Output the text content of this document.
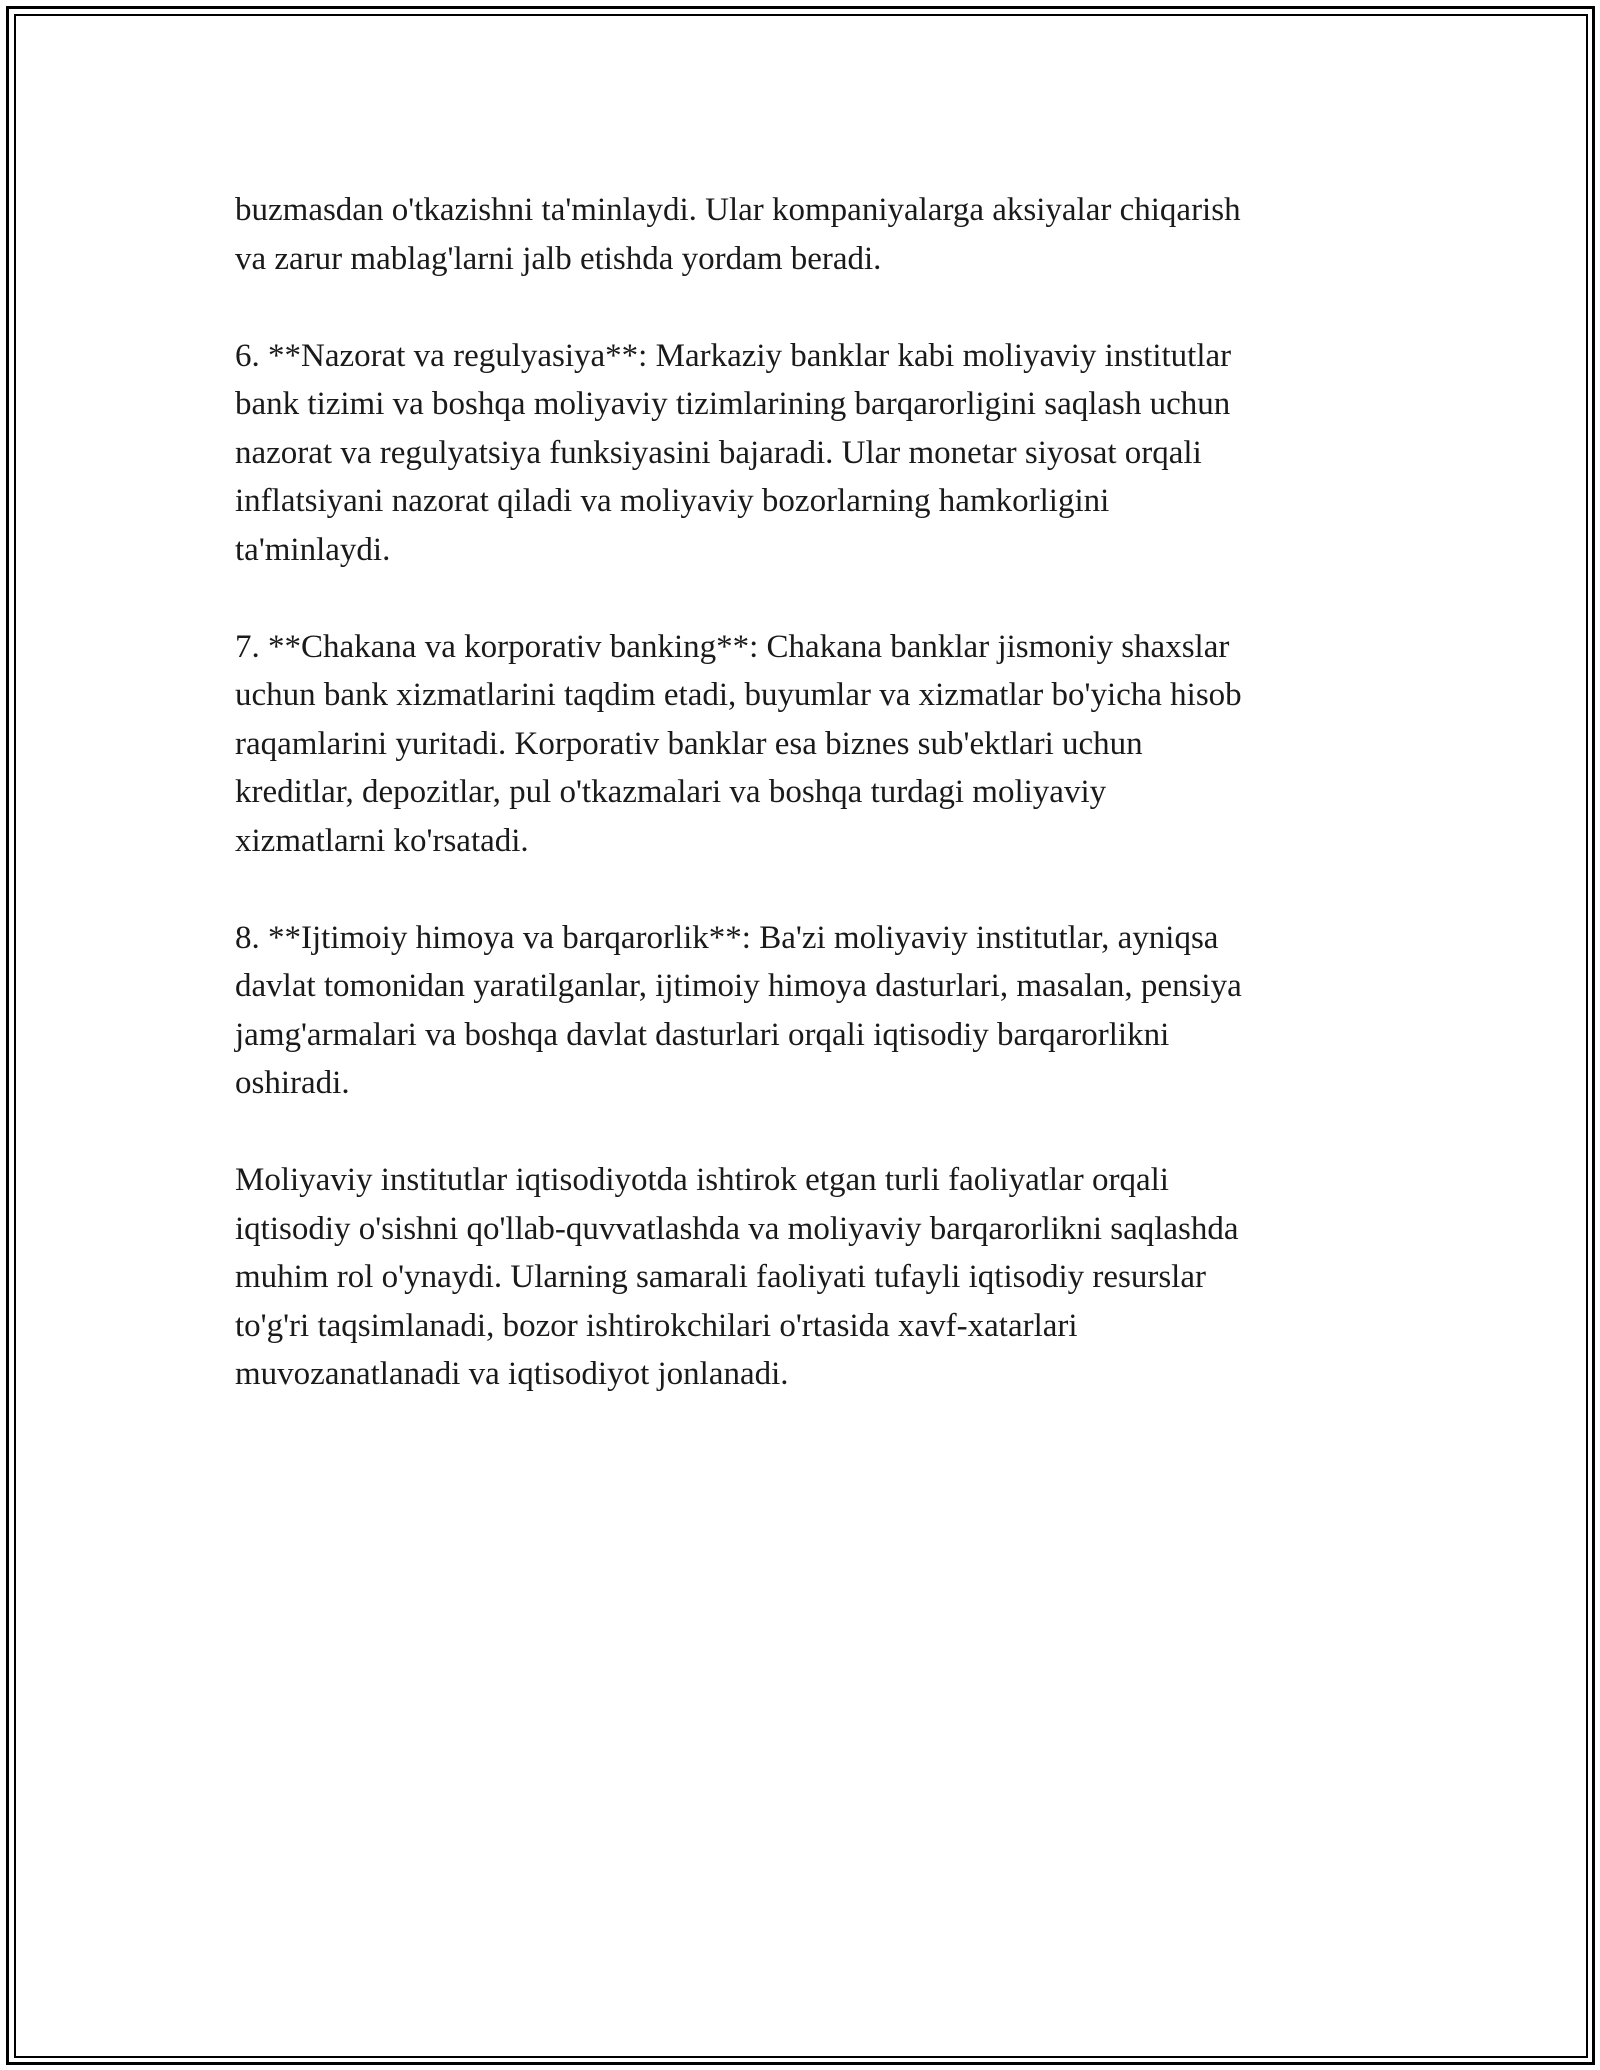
buzmasdan o'tkazishni ta'minlaydi. Ular kompaniyalarga aksiyalar chiqarish
va zarur mablag'larni jalb etishda yordam beradi.

6. **Nazorat va regulyasiya**: Markaziy banklar kabi moliyaviy institutlar
bank tizimi va boshqa moliyaviy tizimlarining barqarorligini saqlash uchun
nazorat va regulyatsiya funksiyasini bajaradi. Ular monetar siyosat orqali
inflatsiyani nazorat qiladi va moliyaviy bozorlarning hamkorligini
ta'minlaydi.

7. **Chakana va korporativ banking**: Chakana banklar jismoniy shaxslar
uchun bank xizmatlarini taqdim etadi, buyumlar va xizmatlar bo'yicha hisob
raqamlarini yuritadi. Korporativ banklar esa biznes sub'ektlari uchun
kreditlar, depozitlar, pul o'tkazmalari va boshqa turdagi moliyaviy
xizmatlarni ko'rsatadi.

8. **Ijtimoiy himoya va barqarorlik**: Ba'zi moliyaviy institutlar, ayniqsa
davlat tomonidan yaratilganlar, ijtimoiy himoya dasturlari, masalan, pensiya
jamg'armalari va boshqa davlat dasturlari orqali iqtisodiy barqarorlikni
oshiradi.

Moliyaviy institutlar iqtisodiyotda ishtirok etgan turli faoliyatlar orqali
iqtisodiy o'sishni qo'llab-quvvatlashda va moliyaviy barqarorlikni saqlashda
muhim rol o'ynaydi. Ularning samarali faoliyati tufayli iqtisodiy resurslar
to'g'ri taqsimlanadi, bozor ishtirokchilari o'rtasida xavf-xatarlari
muvozanatlanadi va iqtisodiyot jonlanadi.
